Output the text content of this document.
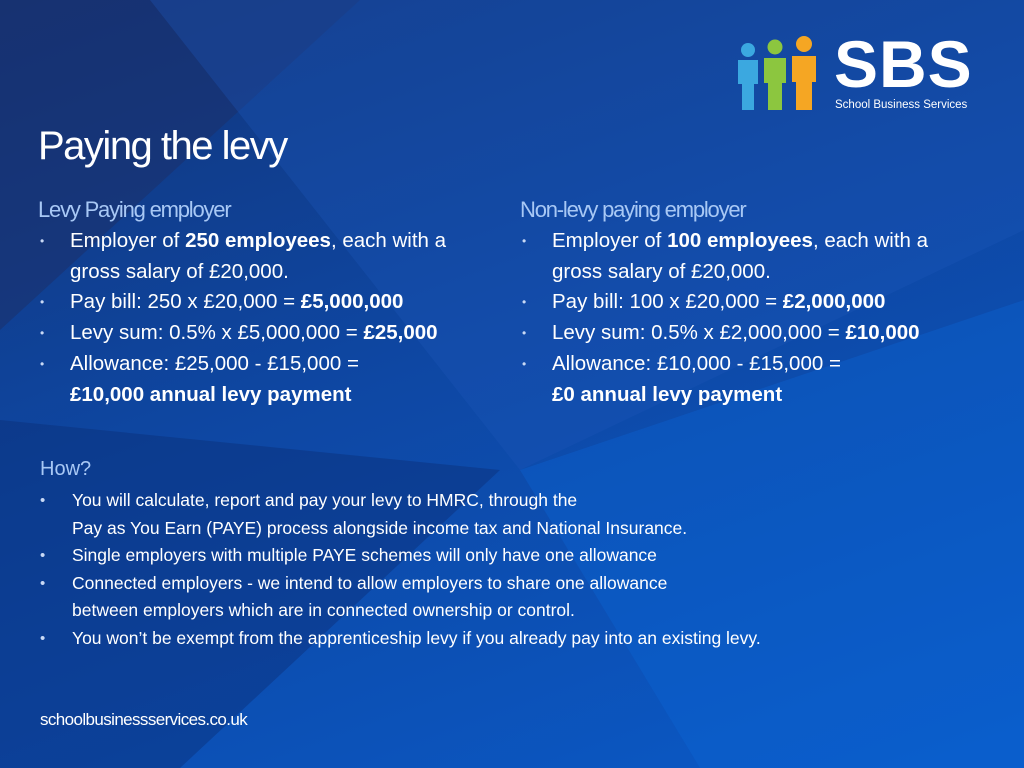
SBS
School Business Services
Paying the levy
Levy Paying employer
• Employer of 250 employees, each with a gross salary of £20,000.
• Pay bill: 250 x £20,000 = £5,000,000
• Levy sum: 0.5% x £5,000,000 = £25,000
• Allowance: £25,000 - £15,000 =
£10,000 annual levy payment
Non-levy paying employer
• Employer of 100 employees, each with a gross salary of £20,000.
• Pay bill: 100 x £20,000 = £2,000,000
• Levy sum: 0.5% x £2,000,000 = £10,000
• Allowance: £10,000 - £15,000 =
£0 annual levy payment
How?
• You will calculate, report and pay your levy to HMRC, through the
Pay as You Earn (PAYE) process alongside income tax and National Insurance.
• Single employers with multiple PAYE schemes will only have one allowance
• Connected employers - we intend to allow employers to share one allowance
between employers which are in connected ownership or control.
• You won’t be exempt from the apprenticeship levy if you already pay into an existing levy.
schoolbusinessservices.co.uk
